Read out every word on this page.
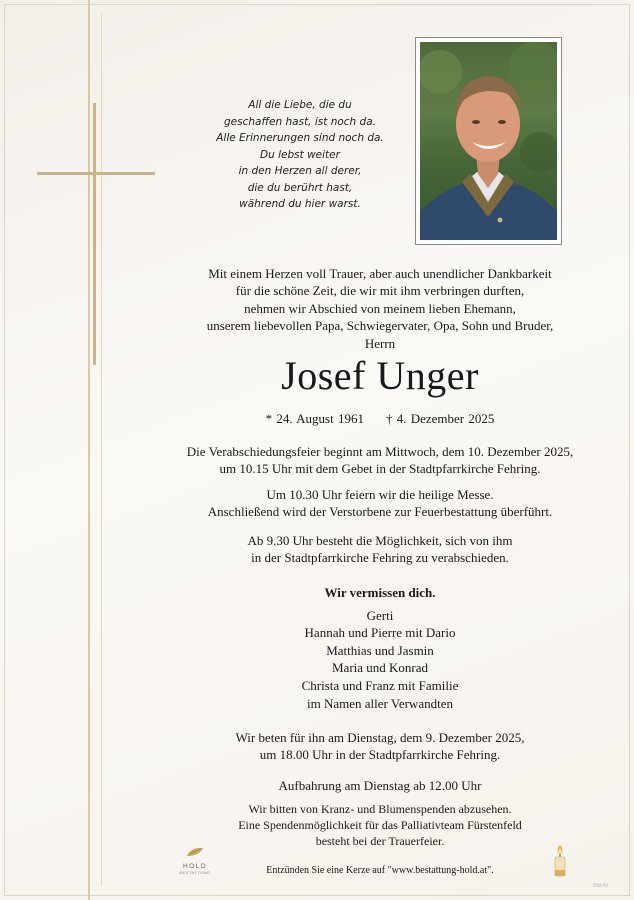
All die Liebe, die du
geschaffen hast, ist noch da.
Alle Erinnerungen sind noch da.
Du lebst weiter
in den Herzen all derer,
die du berührt hast,
während du hier warst.
Mit einem Herzen voll Trauer, aber auch unendlicher Dankbarkeit
für die schöne Zeit, die wir mit ihm verbringen durften,
nehmen wir Abschied von meinem lieben Ehemann,
unserem liebevollen Papa, Schwiegervater, Opa, Sohn und Bruder,
Herrn
Josef Unger
* 24. August 1961 † 4. Dezember 2025
Die Verabschiedungsfeier beginnt am Mittwoch, dem 10. Dezember 2025,
um 10.15 Uhr mit dem Gebet in der Stadtpfarrkirche Fehring.
Um 10.30 Uhr feiern wir die heilige Messe.
Anschließend wird der Verstorbene zur Feuerbestattung überführt.
Ab 9.30 Uhr besteht die Möglichkeit, sich von ihm
in der Stadtpfarrkirche Fehring zu verabschieden.
Wir vermissen dich.
Gerti
Hannah und Pierre mit Dario
Matthias und Jasmin
Maria und Konrad
Christa und Franz mit Familie
im Namen aller Verwandten
Wir beten für ihn am Dienstag, dem 9. Dezember 2025,
um 18.00 Uhr in der Stadtpfarrkirche Fehring.
Aufbahrung am Dienstag ab 12.00 Uhr
Wir bitten von Kranz- und Blumenspenden abzusehen.
Eine Spendenmöglichkeit für das Palliativteam Fürstenfeld
besteht bei der Trauerfeier.
HOLD
BESTATTUNG	Entzünden Sie eine Kerze auf "www.bestattung-hold.at".
Bild-Nr.
